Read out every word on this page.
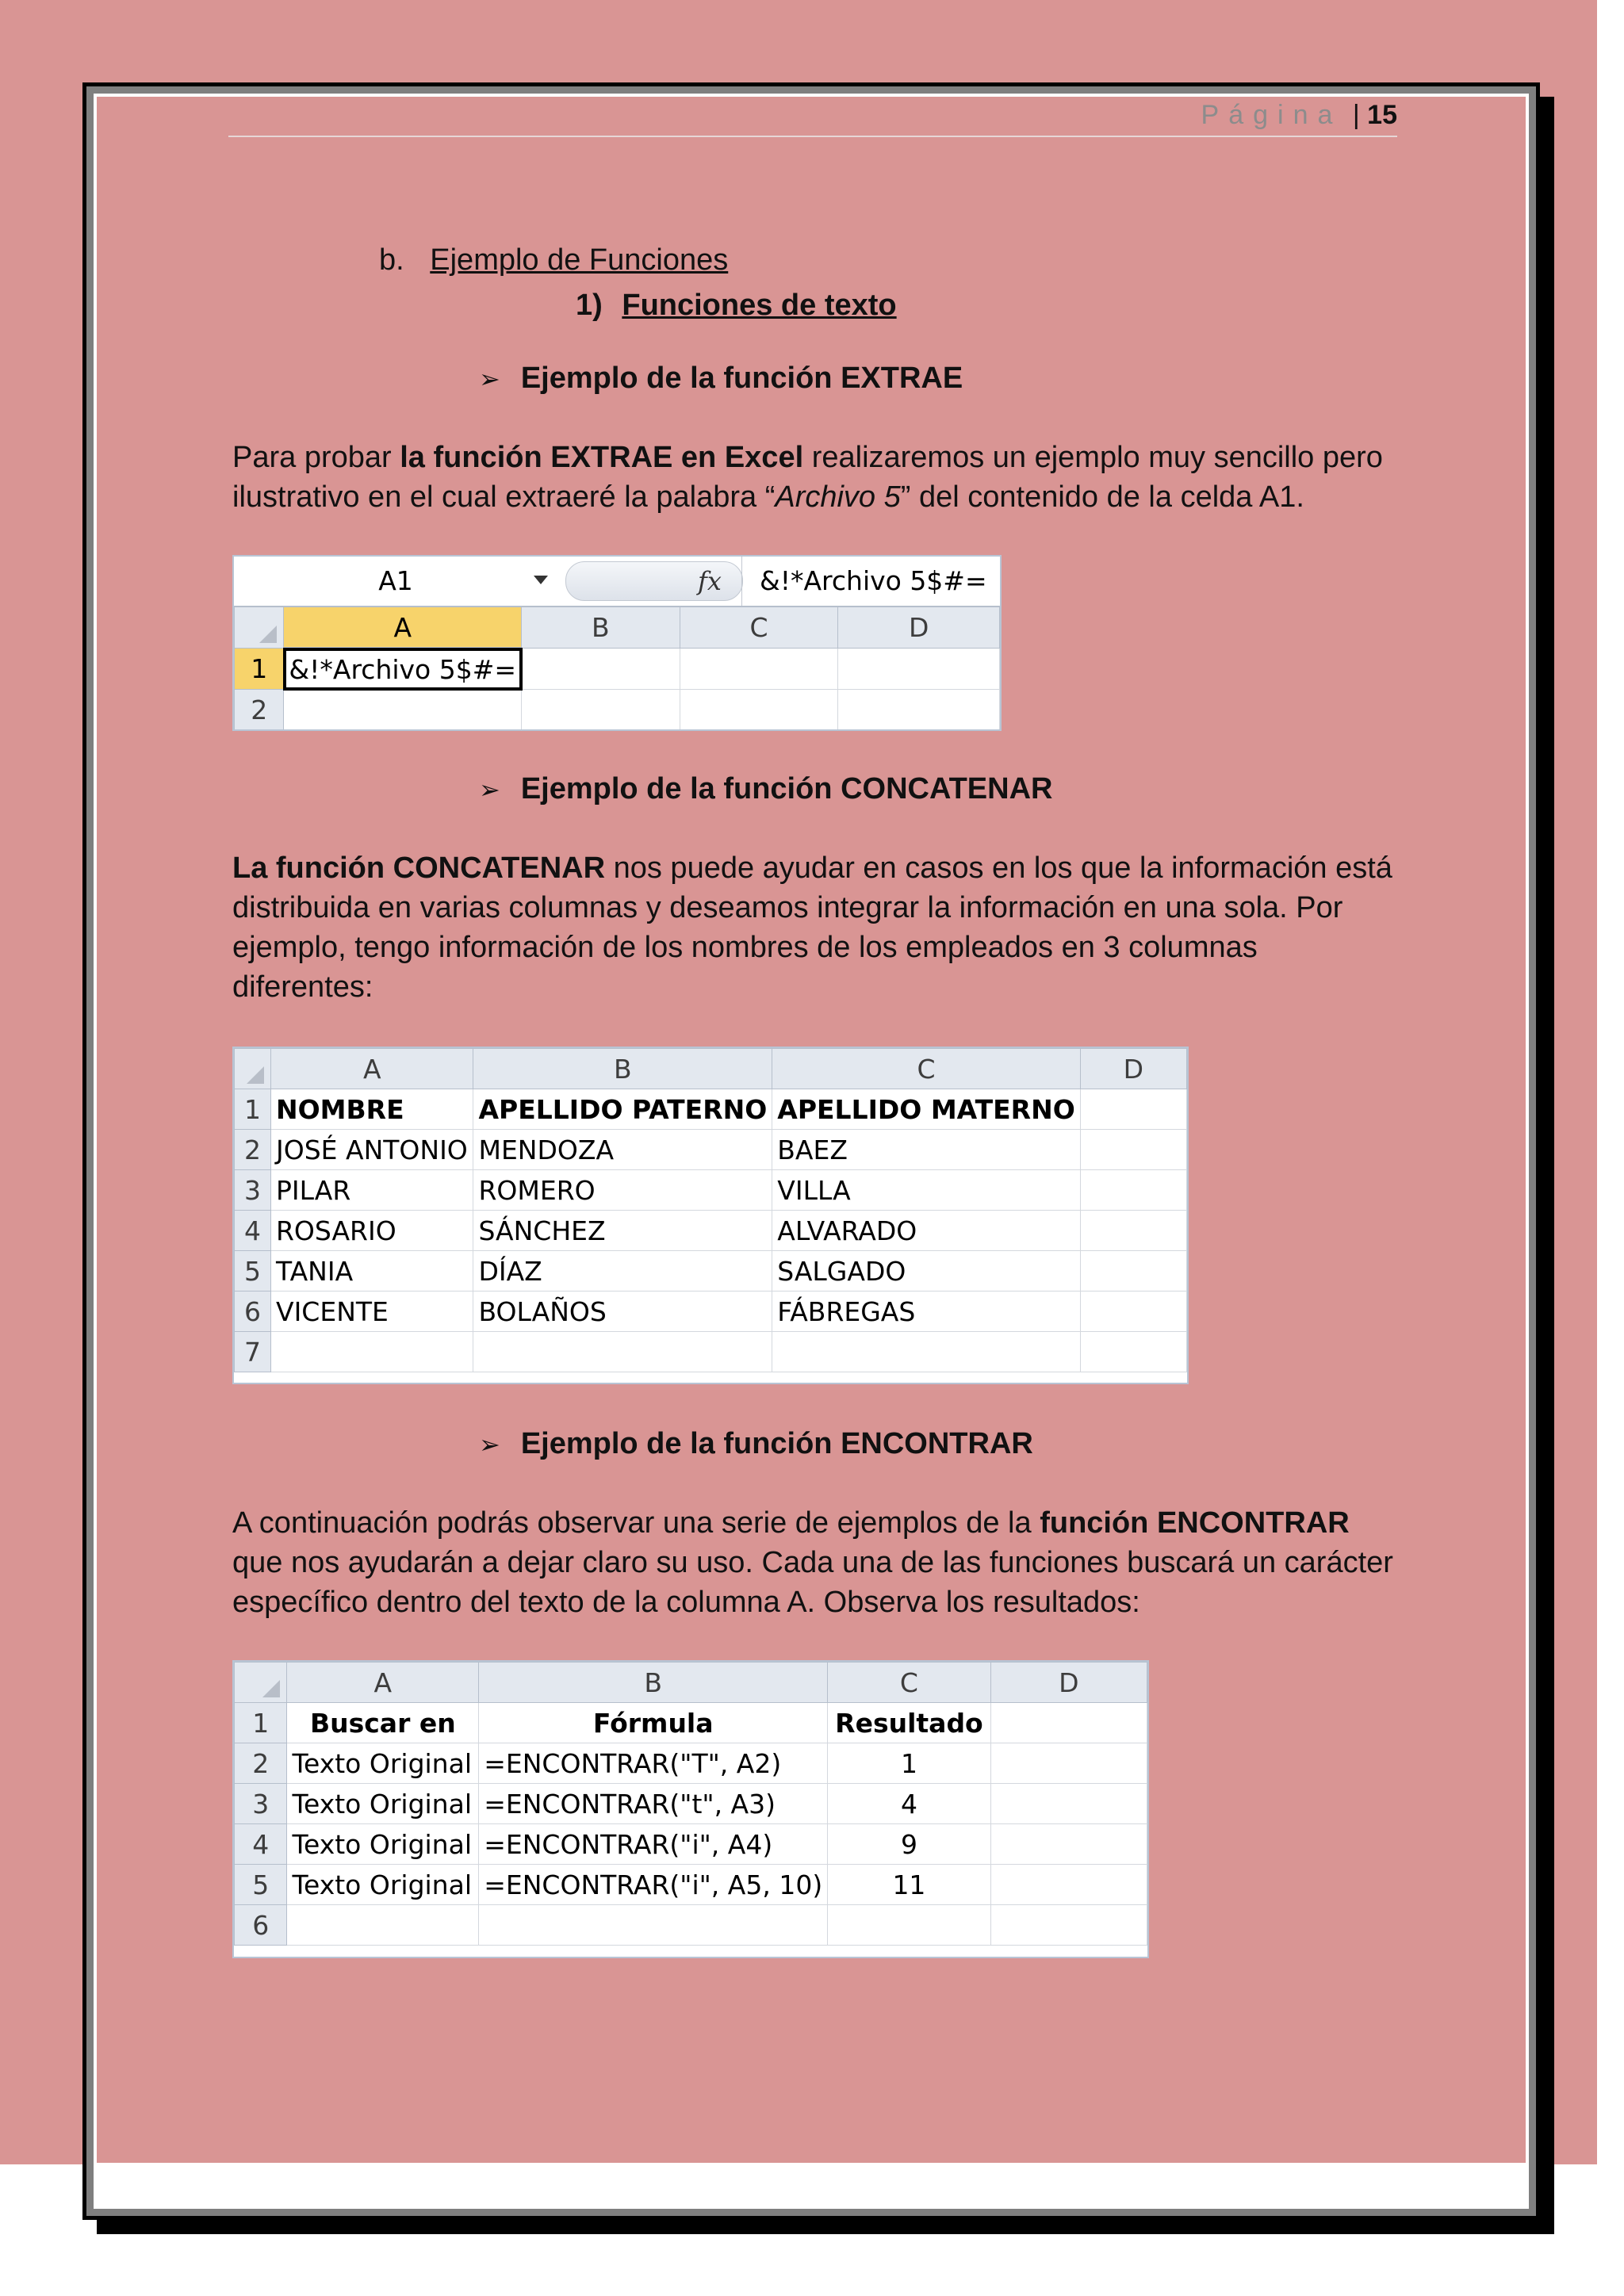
Página | 15
b. Ejemplo de Funciones
1) Funciones de texto
➢ Ejemplo de la función EXTRAE
Para probar la función EXTRAE en Excel realizaremos un ejemplo muy sencillo pero ilustrativo en el cual extraeré la palabra “Archivo 5” del contenido de la celda A1.
A1	fx	&!*Archivo 5$#=
	A	B	C	D
1	&!*Archivo 5$#=			
2				
➢ Ejemplo de la función CONCATENAR
La función CONCATENAR nos puede ayudar en casos en los que la información está distribuida en varias columnas y deseamos integrar la información en una sola. Por ejemplo, tengo información de los nombres de los empleados en 3 columnas diferentes:
	A	B	C	D
1	NOMBRE	APELLIDO PATERNO	APELLIDO MATERNO	
2	JOSÉ ANTONIO	MENDOZA	BAEZ	
3	PILAR	ROMERO	VILLA	
4	ROSARIO	SÁNCHEZ	ALVARADO	
5	TANIA	DÍAZ	SALGADO	
6	VICENTE	BOLAÑOS	FÁBREGAS	
7				
➢ Ejemplo de la función ENCONTRAR
A continuación podrás observar una serie de ejemplos de la función ENCONTRAR que nos ayudarán a dejar claro su uso. Cada una de las funciones buscará un carácter específico dentro del texto de la columna A. Observa los resultados:
	A	B	C	D
1	Buscar en	Fórmula	Resultado	
2	Texto Original	=ENCONTRAR("T", A2)	1	
3	Texto Original	=ENCONTRAR("t", A3)	4	
4	Texto Original	=ENCONTRAR("i", A4)	9	
5	Texto Original	=ENCONTRAR("i", A5, 10)	11	
6				
